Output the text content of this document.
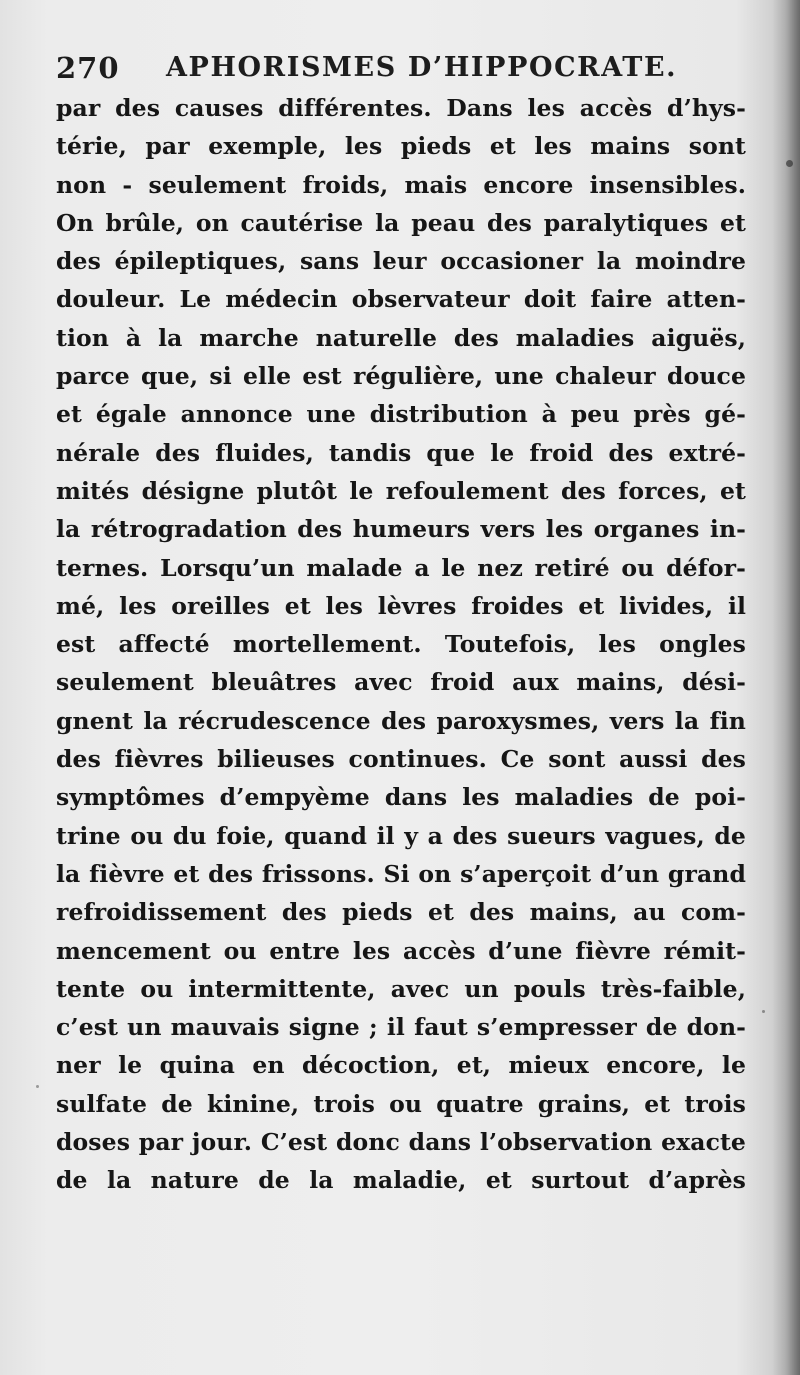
270 APHORISMES D’HIPPOCRATE.
par des causes différentes. Dans les accès d’hys-
térie, par exemple, les pieds et les mains sont
non - seulement froids, mais encore insensibles.
On brûle, on cautérise la peau des paralytiques et
des épileptiques, sans leur occasioner la moindre
douleur. Le médecin observateur doit faire atten-
tion à la marche naturelle des maladies aiguës,
parce que, si elle est régulière, une chaleur douce
et égale annonce une distribution à peu près gé-
nérale des fluides, tandis que le froid des extré-
mités désigne plutôt le refoulement des forces, et
la rétrogradation des humeurs vers les organes in-
ternes. Lorsqu’un malade a le nez retiré ou défor-
mé, les oreilles et les lèvres froides et livides, il
est affecté mortellement. Toutefois, les ongles
seulement bleuâtres avec froid aux mains, dési-
gnent la récrudescence des paroxysmes, vers la fin
des fièvres bilieuses continues. Ce sont aussi des
symptômes d’empyème dans les maladies de poi-
trine ou du foie, quand il y a des sueurs vagues, de
la fièvre et des frissons. Si on s’aperçoit d’un grand
refroidissement des pieds et des mains, au com-
mencement ou entre les accès d’une fièvre rémit-
tente ou intermittente, avec un pouls très-faible,
c’est un mauvais signe ; il faut s’empresser de don-
ner le quina en décoction, et, mieux encore, le
sulfate de kinine, trois ou quatre grains, et trois
doses par jour. C’est donc dans l’observation exacte
de la nature de la maladie, et surtout d’après
